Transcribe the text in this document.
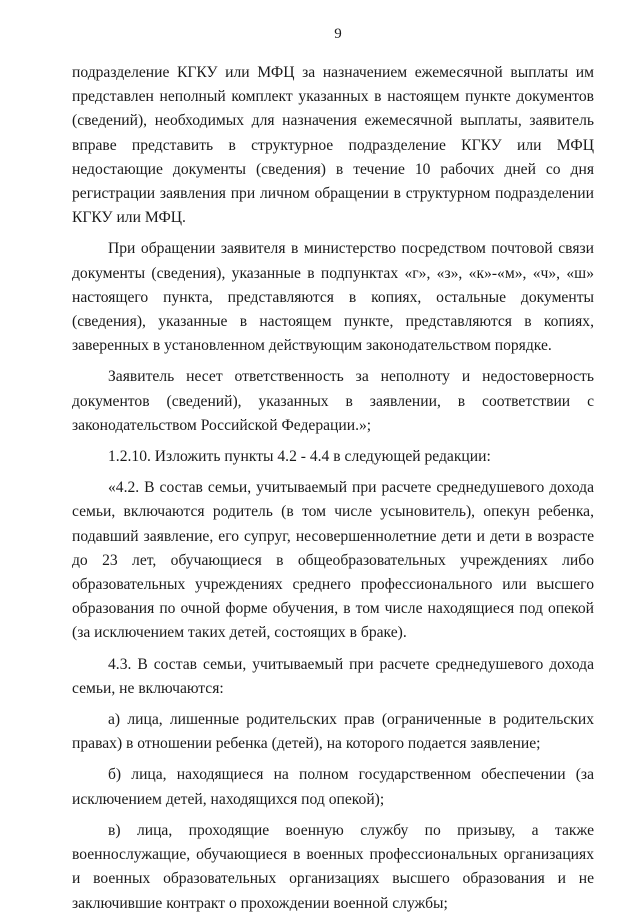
9

подразделение КГКУ или МФЦ за назначением ежемесячной выплаты им представлен неполный комплект указанных в настоящем пункте документов (сведений), необходимых для назначения ежемесячной выплаты, заявитель вправе представить в структурное подразделение КГКУ или МФЦ недостающие документы (сведения) в течение 10 рабочих дней со дня регистрации заявления при личном обращении в структурном подразделении КГКУ или МФЦ.

При обращении заявителя в министерство посредством почтовой связи документы (сведения), указанные в подпунктах «г», «з», «к»-«м», «ч», «ш» настоящего пункта, представляются в копиях, остальные документы (сведения), указанные в настоящем пункте, представляются в копиях, заверенных в установленном действующим законодательством порядке.

Заявитель несет ответственность за неполноту и недостоверность документов (сведений), указанных в заявлении, в соответствии с законодательством Российской Федерации.»;

1.2.10. Изложить пункты 4.2 - 4.4 в следующей редакции:

«4.2. В состав семьи, учитываемый при расчете среднедушевого дохода семьи, включаются родитель (в том числе усыновитель), опекун ребенка, подавший заявление, его супруг, несовершеннолетние дети и дети в возрасте до 23 лет, обучающиеся в общеобразовательных учреждениях либо образовательных учреждениях среднего профессионального или высшего образования по очной форме обучения, в том числе находящиеся под опекой (за исключением таких детей, состоящих в браке).

4.3. В состав семьи, учитываемый при расчете среднедушевого дохода семьи, не включаются:

а) лица, лишенные родительских прав (ограниченные в родительских правах) в отношении ребенка (детей), на которого подается заявление;

б) лица, находящиеся на полном государственном обеспечении (за исключением детей, находящихся под опекой);

в) лица, проходящие военную службу по призыву, а также военнослужащие, обучающиеся в военных профессиональных организациях и военных образовательных организациях высшего образования и не заключившие контракт о прохождении военной службы;
